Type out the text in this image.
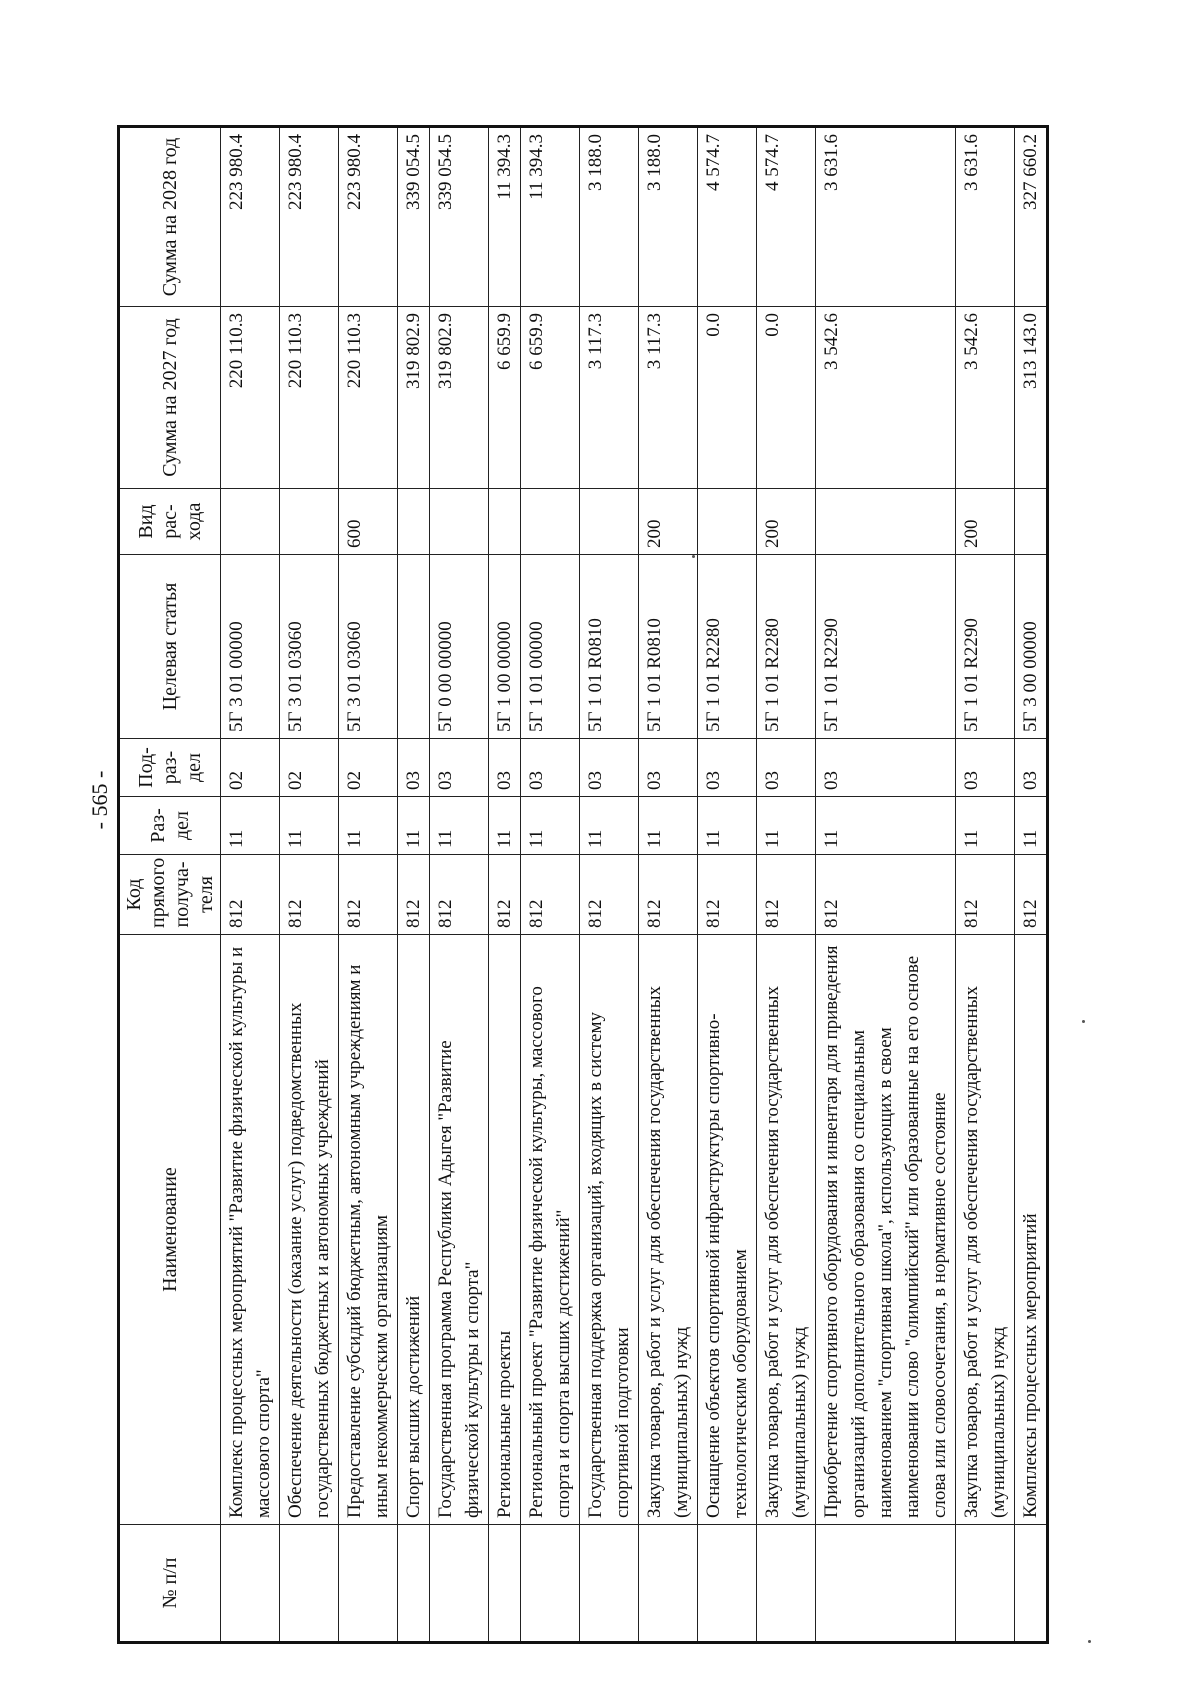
- 565 -
№ п/п	Наименование	Код прямого получа- теля	Раз- дел	Под- раз- дел	Целевая статья	Вид рас- хода	Сумма на 2027 год	Сумма на 2028 год
	Комплекс процессных мероприятий "Развитие физической культуры и массового спорта"	812	11	02	5Г 3 01 00000		220 110.3	223 980.4
	Обеспечение деятельности (оказание услуг) подведомственных государственных бюджетных и автономных учреждений	812	11	02	5Г 3 01 03060		220 110.3	223 980.4
	Предоставление субсидий бюджетным, автономным учреждениям и иным некоммерческим организациям	812	11	02	5Г 3 01 03060	600	220 110.3	223 980.4
	Спорт высших достижений	812	11	03			319 802.9	339 054.5
	Государственная программа Республики Адыгея "Развитие физической культуры и спорта"	812	11	03	5Г 0 00 00000		319 802.9	339 054.5
	Региональные проекты	812	11	03	5Г 1 00 00000		6 659.9	11 394.3
	Региональный проект "Развитие физической культуры, массового спорта и спорта высших достижений"	812	11	03	5Г 1 01 00000		6 659.9	11 394.3
	Государственная поддержка организаций, входящих в систему спортивной подготовки	812	11	03	5Г 1 01 R0810		3 117.3	3 188.0
	Закупка товаров, работ и услуг для обеспечения государственных (муниципальных) нужд	812	11	03	5Г 1 01 R0810	200	3 117.3	3 188.0
	Оснащение объектов спортивной инфраструктуры спортивно-технологическим оборудованием	812	11	03	5Г 1 01 R2280		0.0	4 574.7
	Закупка товаров, работ и услуг для обеспечения государственных (муниципальных) нужд	812	11	03	5Г 1 01 R2280	200	0.0	4 574.7
	Приобретение спортивного оборудования и инвентаря для приведения организаций дополнительного образования со специальным наименованием "спортивная школа", использующих в своем наименовании слово "олимпийский" или образованные на его основе слова или словосочетания, в нормативное состояние	812	11	03	5Г 1 01 R2290		3 542.6	3 631.6
	Закупка товаров, работ и услуг для обеспечения государственных (муниципальных) нужд	812	11	03	5Г 1 01 R2290	200	3 542.6	3 631.6
	Комплексы процессных мероприятий	812	11	03	5Г 3 00 00000		313 143.0	327 660.2
